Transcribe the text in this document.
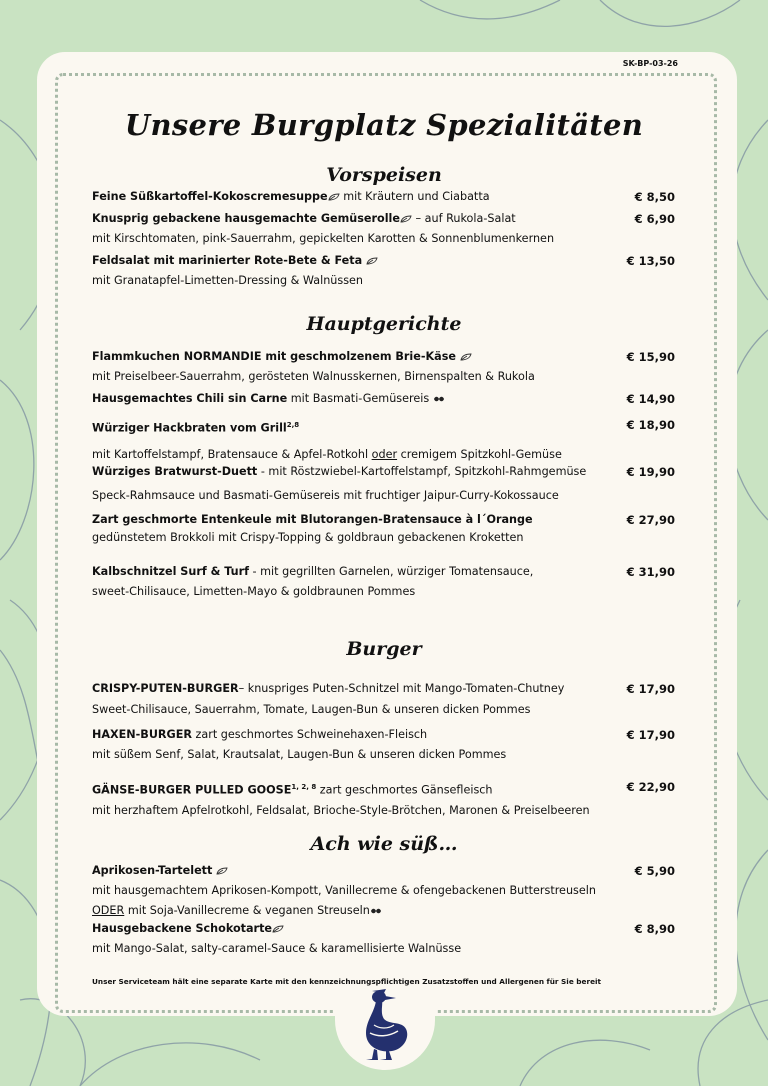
SK-BP-03-26
Unsere Burgplatz Spezialitäten
Vorspeisen
Feine Süßkartoffel-Kokoscremesuppe mit Kräutern und Ciabatta	€ 8,50
Knusprig gebackene hausgemachte Gemüserolle – auf Rukola-Salat
mit Kirschtomaten, pink-Sauerrahm, gepickelten Karotten & Sonnenblumenkernen
€ 6,90
Feldsalat mit marinierter Rote-Bete & Feta
mit Granatapfel-Limetten-Dressing & Walnüssen
€ 13,50
Hauptgerichte
Flammkuchen NORMANDIE mit geschmolzenem Brie-Käse
mit Preiselbeer-Sauerrahm, gerösteten Walnusskernen, Birnenspalten & Rukola
€ 15,90
Hausgemachtes Chili sin Carne mit Basmati-Gemüsereis	€ 14,90
Würziger Hackbraten vom Grill$^{2,8}$
mit Kartoffelstampf, Bratensauce & Apfel-Rotkohl oder cremigem Spitzkohl-Gemüse
€ 18,90
Würziges Bratwurst-Duett - mit Röstzwiebel-Kartoffelstampf, Spitzkohl-Rahmgemüse
Speck-Rahmsauce und Basmati-Gemüsereis mit fruchtiger Jaipur-Curry-Kokossauce
€ 19,90
Zart geschmorte Entenkeule mit Blutorangen-Bratensauce à l´Orange
gedünstetem Brokkoli mit Crispy-Topping & goldbraun gebackenen Kroketten
€ 27,90
Kalbschnitzel Surf & Turf - mit gegrillten Garnelen, würziger Tomatensauce,
sweet-Chilisauce, Limetten-Mayo & goldbraunen Pommes
€ 31,90
Burger
CRISPY-PUTEN-BURGER– knuspriges Puten-Schnitzel mit Mango-Tomaten-Chutney
Sweet-Chilisauce, Sauerrahm, Tomate, Laugen-Bun & unseren dicken Pommes
€ 17,90
HAXEN-BURGER zart geschmortes Schweinehaxen-Fleisch
mit süßem Senf, Salat, Krautsalat, Laugen-Bun & unseren dicken Pommes
€ 17,90
GÄNSE-BURGER PULLED GOOSE$^{1, 2, 8}$ zart geschmortes Gänsefleisch
mit herzhaftem Apfelrotkohl, Feldsalat, Brioche-Style-Brötchen, Maronen & Preiselbeeren
€ 22,90
Ach wie süß…
Aprikosen-Tartelett
mit hausgemachtem Aprikosen-Kompott, Vanillecreme & ofengebackenen Butterstreuseln
ODER mit Soja-Vanillecreme & veganen Streuseln
€ 5,90
Hausgebackene Schokotarte
mit Mango-Salat, salty-caramel-Sauce & karamellisierte Walnüsse
€ 8,90
Unser Serviceteam hält eine separate Karte mit den kennzeichnungspflichtigen Zusatzstoffen und Allergenen für Sie bereit
